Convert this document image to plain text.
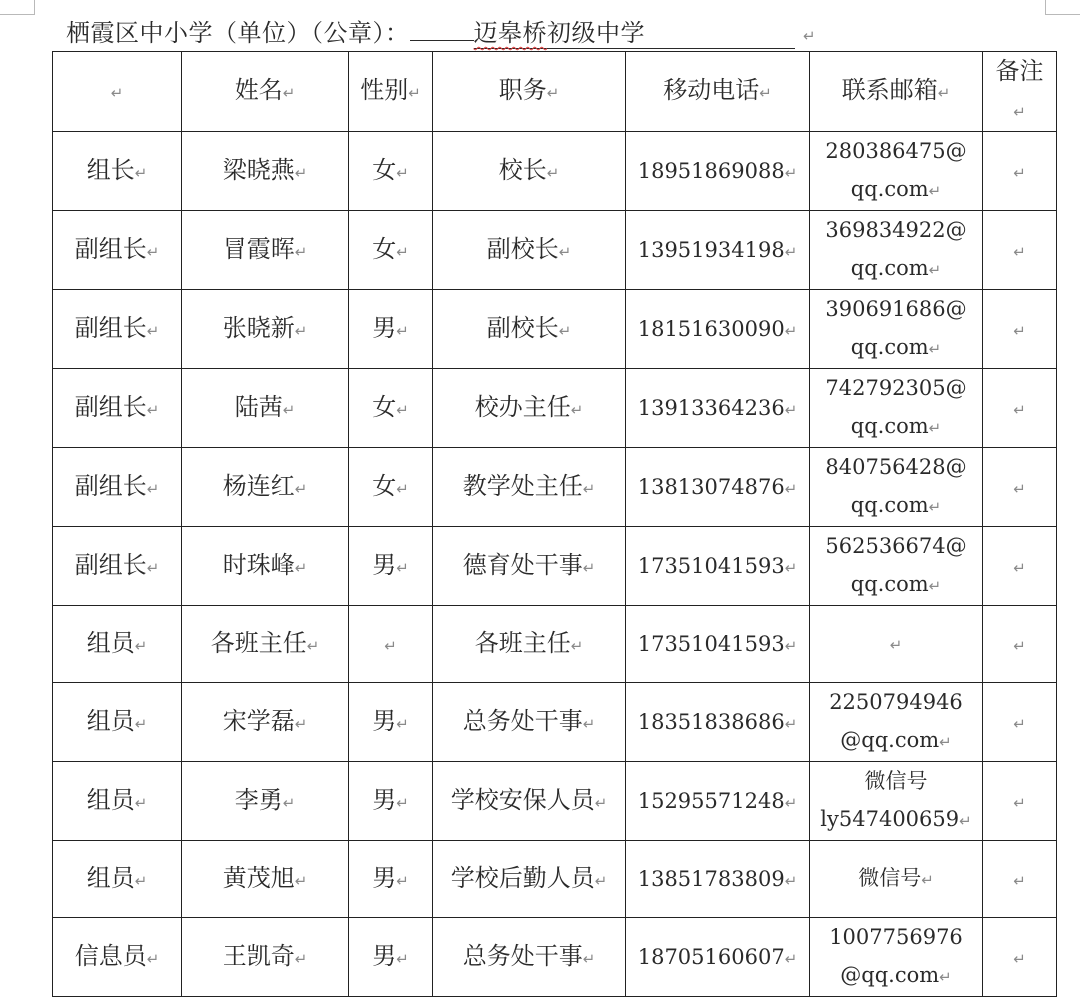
栖霞区中小学（单位）（公章）：	迈皋桥初级中学	↵
↵	姓名↵	性别↵	职务↵	移动电话↵	联系邮箱↵	备注↵
组长↵	梁晓燕↵	女↵	校长↵	18951869088↵	280386475@
qq.com↵	↵
副组长↵	冒霞晖↵	女↵	副校长↵	13951934198↵	369834922@
qq.com↵	↵
副组长↵	张晓新↵	男↵	副校长↵	18151630090↵	390691686@
qq.com↵	↵
副组长↵	陆茜↵	女↵	校办主任↵	13913364236↵	742792305@
qq.com↵	↵
副组长↵	杨连红↵	女↵	教学处主任↵	13813074876↵	840756428@
qq.com↵	↵
副组长↵	时珠峰↵	男↵	德育处干事↵	17351041593↵	562536674@
qq.com↵	↵
组员↵	各班主任↵	↵	各班主任↵	17351041593↵	↵	↵
组员↵	宋学磊↵	男↵	总务处干事↵	18351838686↵	2250794946
@qq.com↵	↵
组员↵	李勇↵	男↵	学校安保人员↵	15295571248↵	微信号
ly547400659↵	↵
组员↵	黄茂旭↵	男↵	学校后勤人员↵	13851783809↵	微信号↵	↵
信息员↵	王凯奇↵	男↵	总务处干事↵	18705160607↵	1007756976
@qq.com↵	↵
